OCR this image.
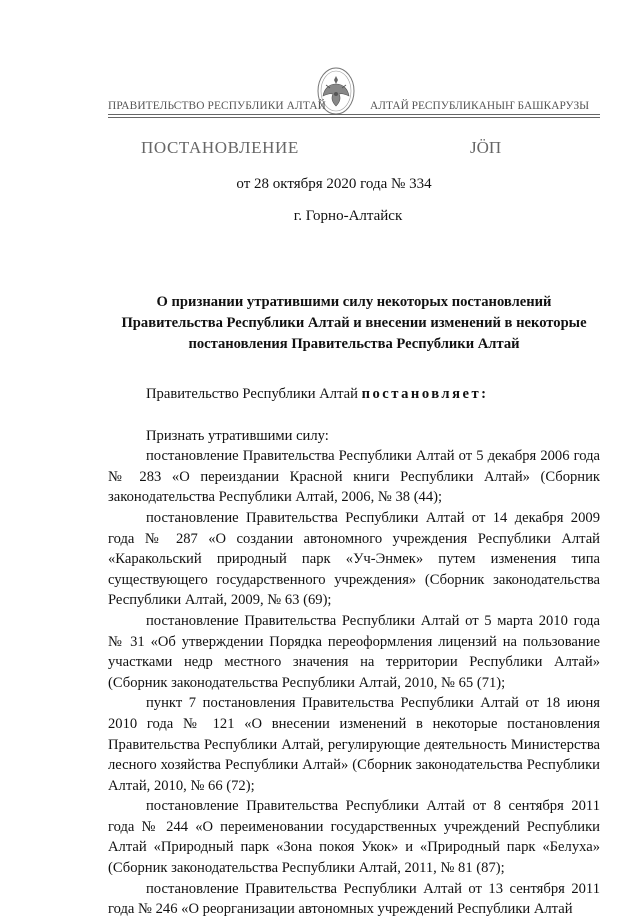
ПРАВИТЕЛЬСТВО РЕСПУБЛИКИ АЛТАЙ	АЛТАЙ РЕСПУБЛИКАНЫҤ БАШКАРУЗЫ
ПОСТАНОВЛЕНИЕ	ЈӦП
от 28 октября 2020 года № 334
г. Горно-Алтайск
О признании утратившими силу некоторых постановлений
Правительства Республики Алтай и внесении изменений в некоторые
постановления Правительства Республики Алтай

Правительство Республики Алтай постановляет:

Признать утратившими силу:

постановление Правительства Республики Алтай от 5 декабря 2006 года № 283 «О переиздании Красной книги Республики Алтай» (Сборник законодательства Республики Алтай, 2006, № 38 (44);

постановление Правительства Республики Алтай от 14 декабря 2009 года № 287 «О создании автономного учреждения Республики Алтай «Каракольский природный парк «Уч-Энмек» путем изменения типа существующего государственного учреждения» (Сборник законодательства Республики Алтай, 2009, № 63 (69);

постановление Правительства Республики Алтай от 5 марта 2010 года № 31 «Об утверждении Порядка переоформления лицензий на пользование участками недр местного значения на территории Республики Алтай» (Сборник законодательства Республики Алтай, 2010, № 65 (71);

пункт 7 постановления Правительства Республики Алтай от 18 июня 2010 года № 121 «О внесении изменений в некоторые постановления Правительства Республики Алтай, регулирующие деятельность Министерства лесного хозяйства Республики Алтай» (Сборник законодательства Республики Алтай, 2010, № 66 (72);

постановление Правительства Республики Алтай от 8 сентября 2011 года № 244 «О переименовании государственных учреждений Республики Алтай «Природный парк «Зона покоя Укок» и «Природный парк «Белуха» (Сборник законодательства Республики Алтай, 2011, № 81 (87);

постановление Правительства Республики Алтай от 13 сентября 2011 года № 246 «О реорганизации автономных учреждений Республики Алтай
